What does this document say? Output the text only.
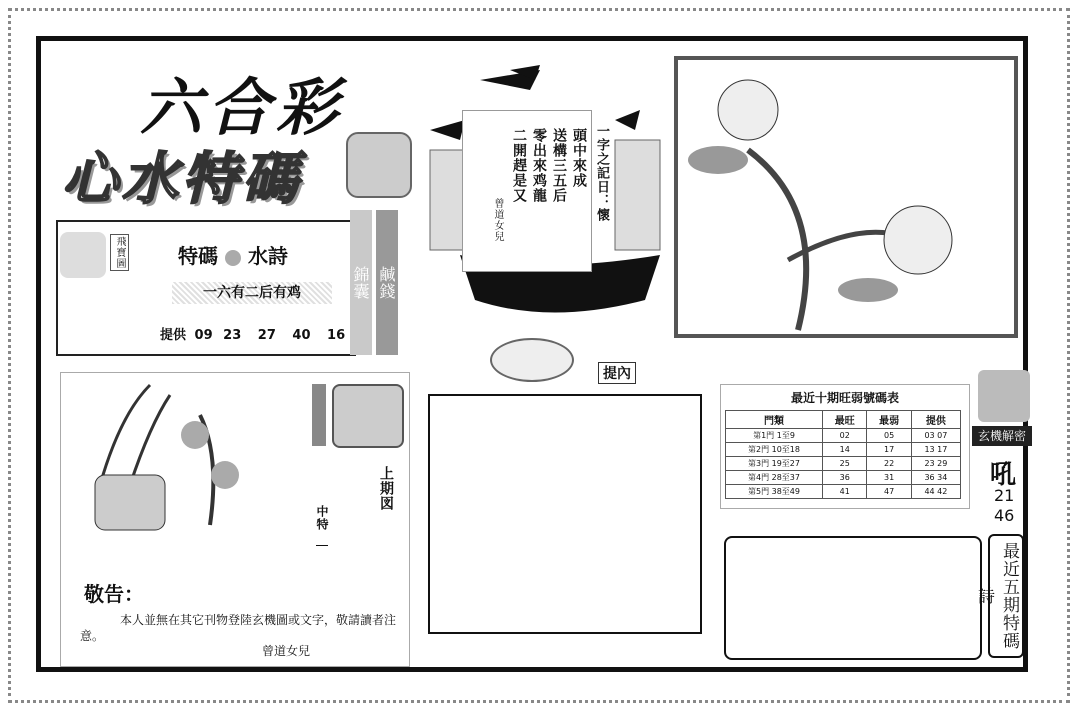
六合彩
心水特碼
飛寶圖	特碼 水詩
一六有二后有鸡
提供 09 23 27 40 16
錦囊 鹹錢
二開趕是又 零出來鸡龍 送構三五后 頭中來成
曾道女兒	一字之記日：懷
提內
上期図
中特
敬告：
本人並無在其它刊物登陸玄機圖或文字，敬請讀者注意。
曾道女兒
最近十期旺弱號碼表
門類	最旺	最弱	提供
第1門 1至9	02	05	03 07
第2門 10至18	14	17	13 17
第3門 19至27	25	22	23 29
第4門 28至37	36	31	36 34
第5門 38至49	41	47	44 42
玄機解密
吼
21
46
最近五期特碼詩
